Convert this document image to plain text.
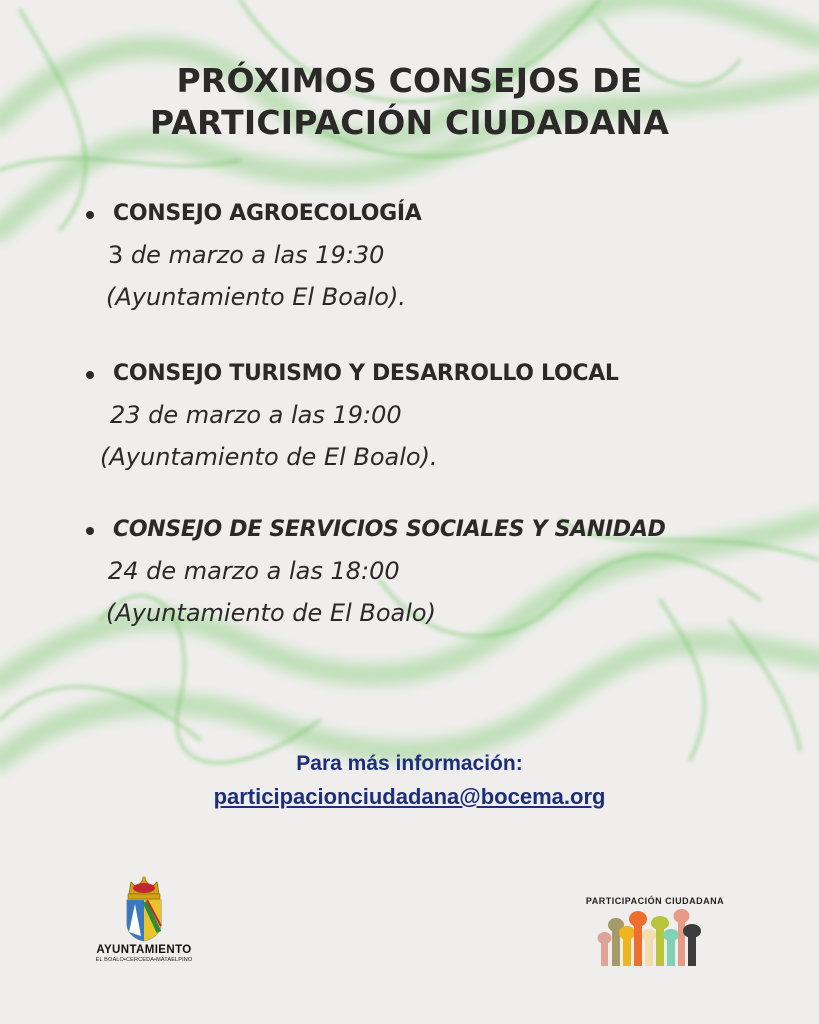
PRÓXIMOS CONSEJOS DE
PARTICIPACIÓN CIUDADANA
CONSEJO AGROECOLOGÍA
3 de marzo a las 19:30
(Ayuntamiento El Boalo).
CONSEJO TURISMO Y DESARROLLO LOCAL
23 de marzo a las 19:00
(Ayuntamiento de El Boalo).
CONSEJO DE SERVICIOS SOCIALES Y SANIDAD
24 de marzo a las 18:00
(Ayuntamiento de El Boalo)
Para más información:
participacionciudadana@bocema.org
AYUNTAMIENTO
EL BOALO•CERCEDA•MATAELPINO
PARTICIPACIÓN CIUDADANA
